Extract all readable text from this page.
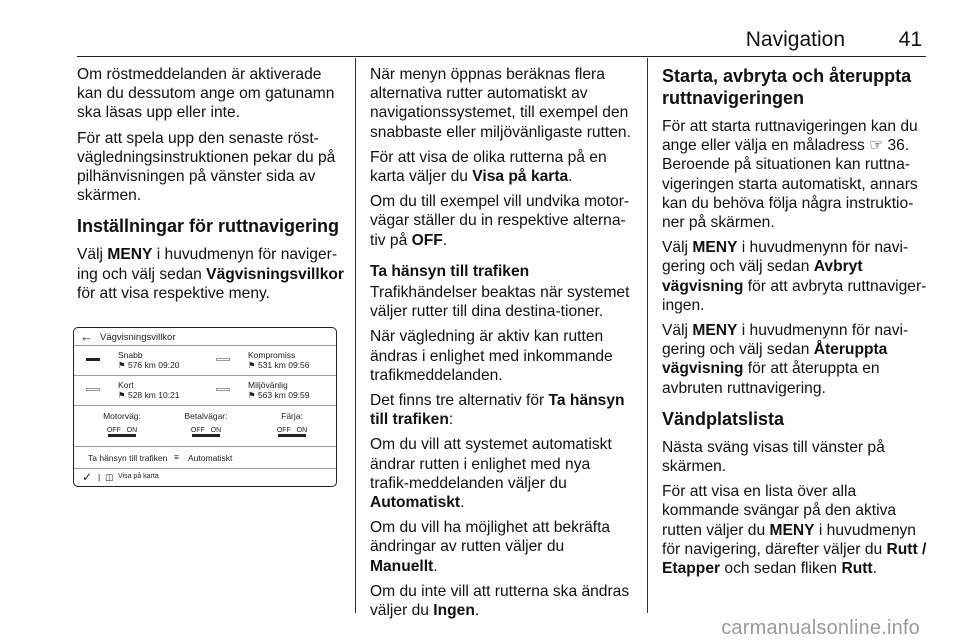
Navigation	41

Om röstmeddelanden är aktiverade kan du dessutom ange om gatunamn ska läsas upp eller inte.

För att spela upp den senaste röst-vägledningsinstruktionen pekar du på pilhänvisningen på vänster sida av skärmen.

Inställningar för ruttnavigering

Välj MENY i huvudmenyn för naviger-ing och välj sedan Vägvisningsvillkor för att visa respektive meny.

← Vägvisningsvillkor
Snabb
⚑ 576 km 09:20
Kompromiss
⚑ 531 km 09:56
Kort
⚑ 528 km 10:21
Miljövänlig
⚑ 563 km 09:59
Motorväg:
OFF ON
Betalvägar:
OFF ON
Färja:
OFF ON
Ta hänsyn till trafiken ≡ Automatiskt
✓ | ◫ Visa på karta

När menyn öppnas beräknas flera alternativa rutter automatiskt av navigationssystemet, till exempel den snabbaste eller miljövänligaste rutten.

För att visa de olika rutterna på en karta väljer du Visa på karta.

Om du till exempel vill undvika motor-vägar ställer du in respektive alterna-tiv på OFF.

Ta hänsyn till trafiken

Trafikhändelser beaktas när systemet väljer rutter till dina destina-tioner.

När vägledning är aktiv kan rutten ändras i enlighet med inkommande trafikmeddelanden.

Det finns tre alternativ för Ta hänsyn till trafiken:

Om du vill att systemet automatiskt ändrar rutten i enlighet med nya trafik-meddelanden väljer du Automatiskt.

Om du vill ha möjlighet att bekräfta ändringar av rutten väljer du Manuellt.

Om du inte vill att rutterna ska ändras väljer du Ingen.

Starta, avbryta och återuppta ruttnavigeringen

För att starta ruttnavigeringen kan du ange eller välja en måladress ☞ 36. Beroende på situationen kan ruttna-vigeringen starta automatiskt, annars kan du behöva följa några instruktio-ner på skärmen.

Välj MENY i huvudmenynn för navi-gering och välj sedan Avbryt vägvisning för att avbryta ruttnaviger-ingen.

Välj MENY i huvudmenynn för navi-gering och välj sedan Återuppta vägvisning för att återuppta en avbruten ruttnavigering.

Vändplatslista

Nästa sväng visas till vänster på skärmen.

För att visa en lista över alla kommande svängar på den aktiva rutten väljer du MENY i huvudmenyn för navigering, därefter väljer du Rutt / Etapper och sedan fliken Rutt.

carmanualsonline.info
